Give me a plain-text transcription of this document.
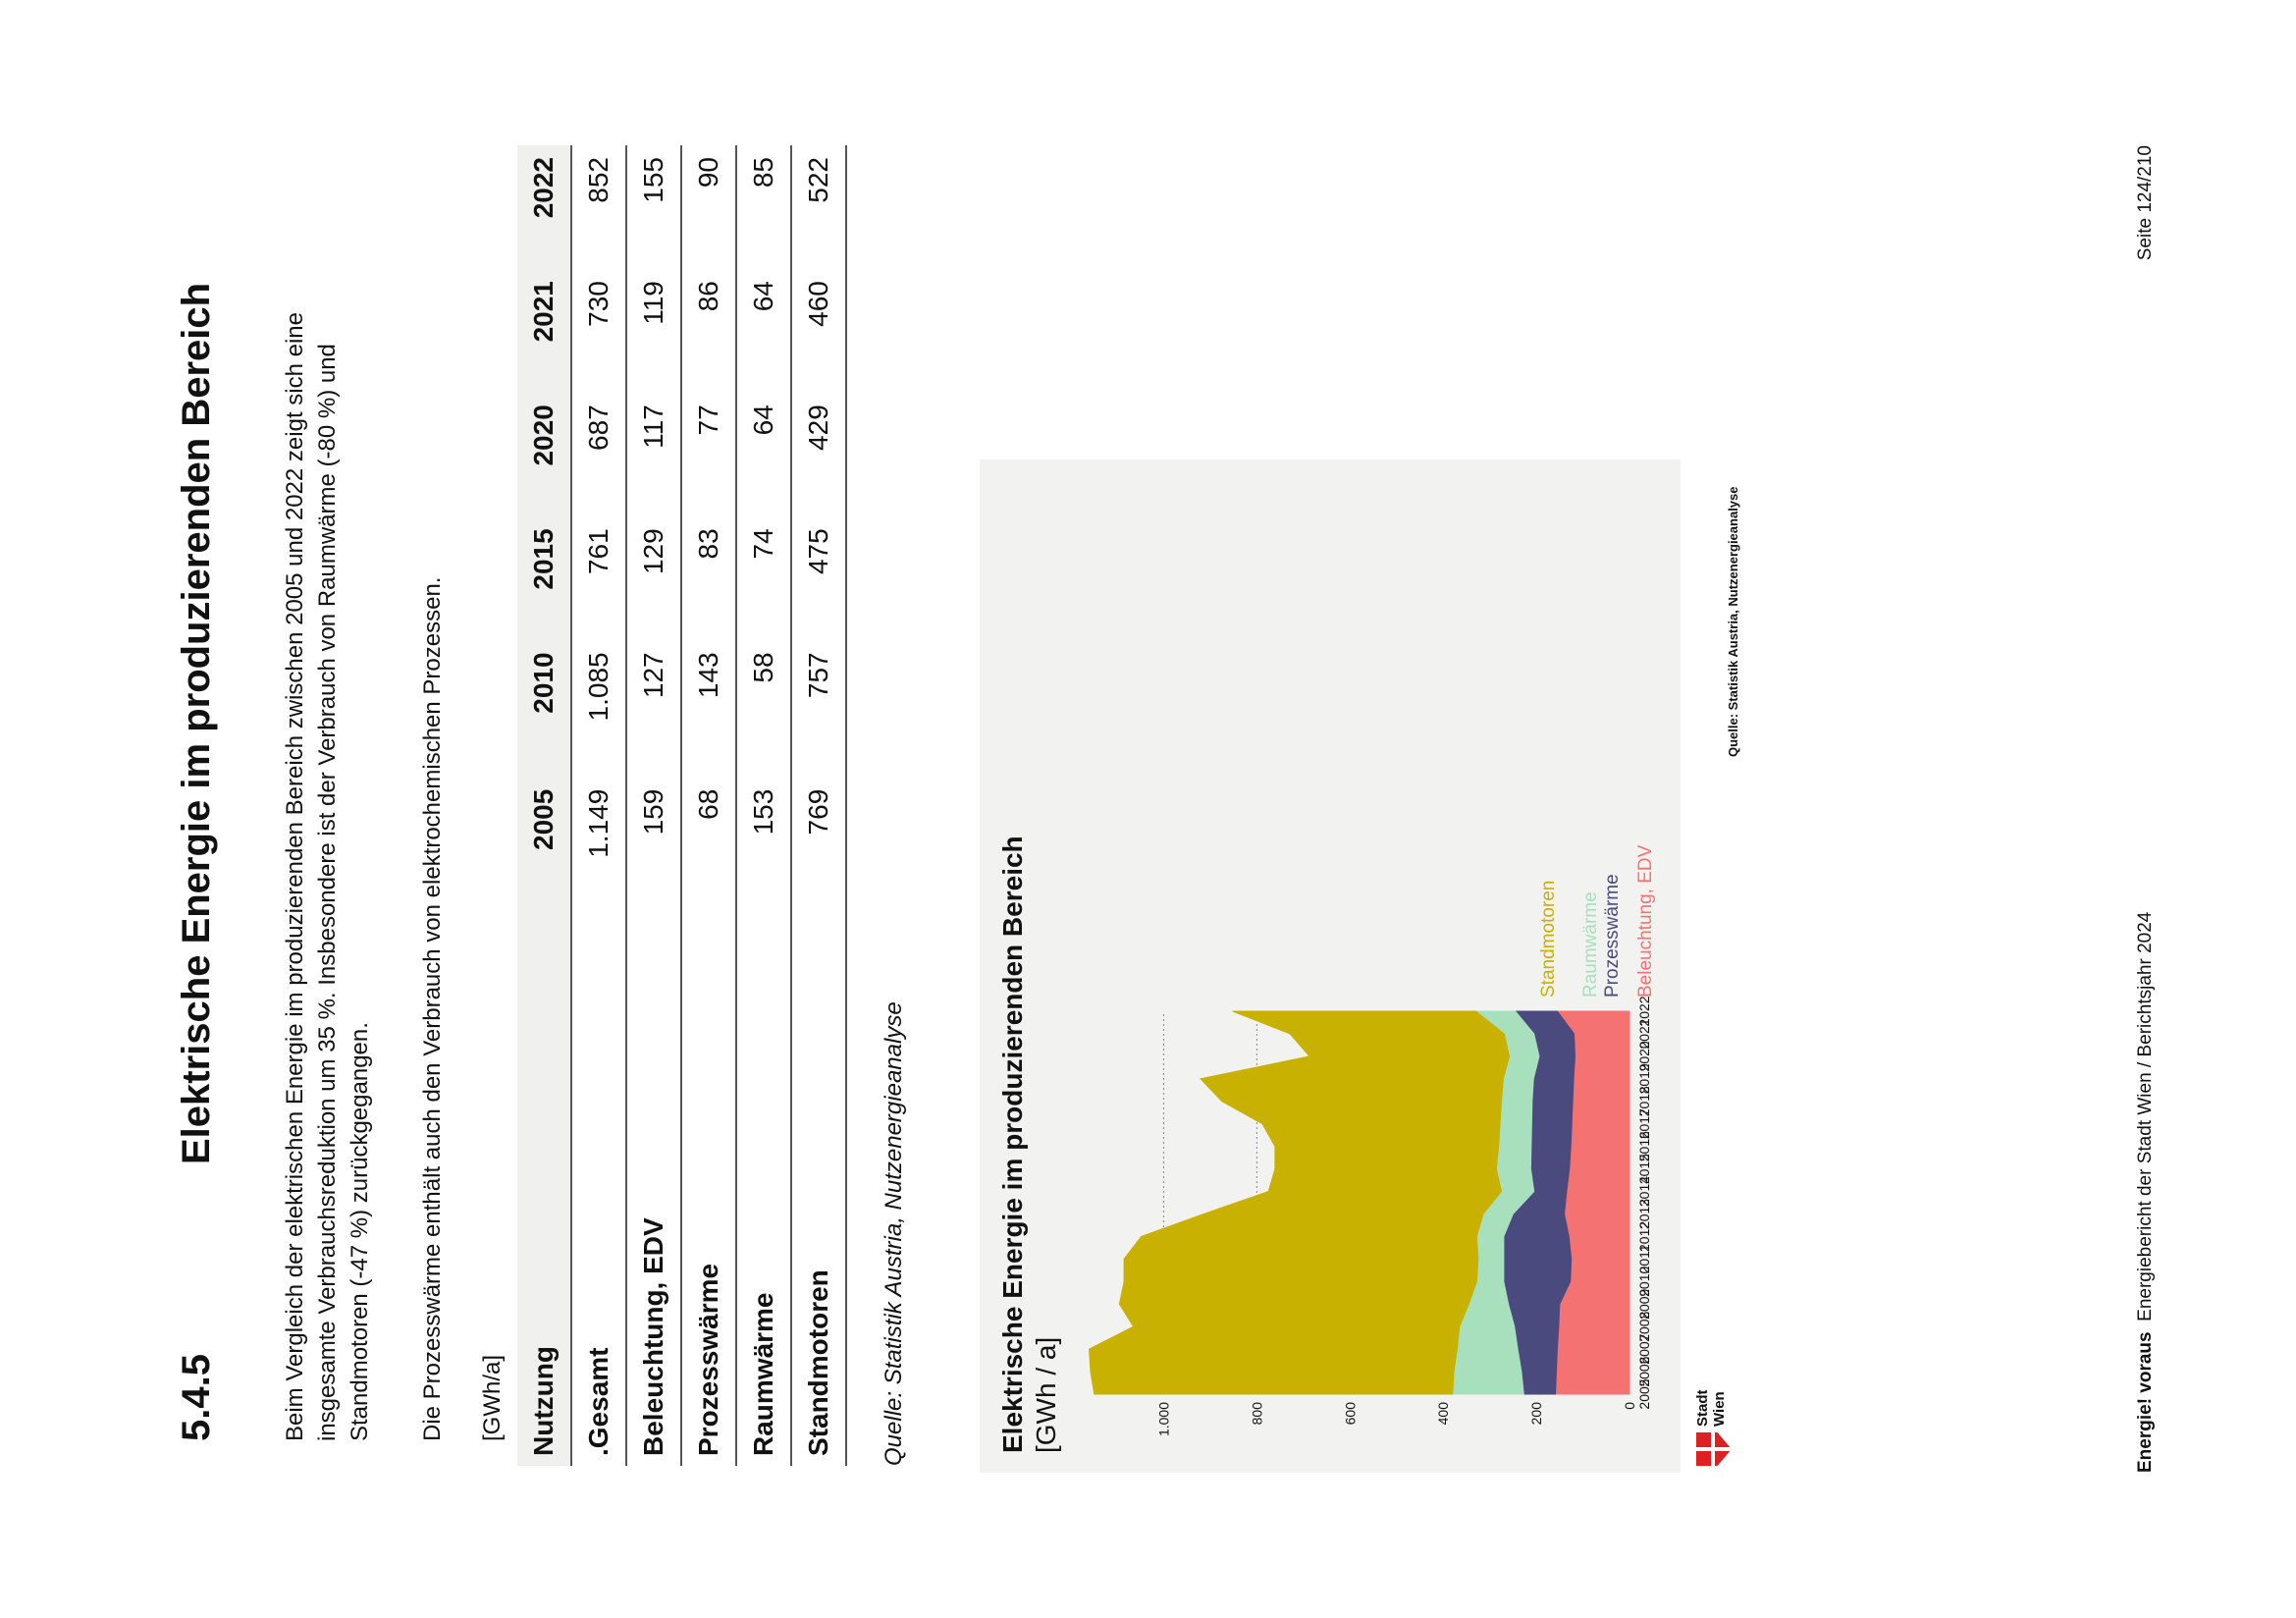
5.4.5Elektrische Energie im produzierenden Bereich	Beim Vergleich der elektrischen Energie im produzierenden Bereich zwischen 2005 und 2022 zeigt sich eine insgesamte Verbrauchsreduktion um 35 %. Insbesondere ist der Verbrauch von Raumwärme (-80 %) und Standmotoren (-47 %) zurückgegangen. Die Prozesswärme enthält auch den Verbrauch von elektrochemischen Prozessen. [GWh/a] Nutzung	2005	2010	2015	2020	2021	2022
.Gesamt	1.149	1.085	761	687	730	852
Beleuchtung, EDV	159	127	129	117	119	155
Prozesswärme	68	143	83	77	86	90
Raumwärme	153	58	74	64	64	85
Standmotoren	769	757	475	429	460	522
Quelle: Statistik Austria, Nutzenergieanalyse	Elektrische Energie im produzierenden Bereich [GWh / a]	0
200
400
600
800
1.000
2005
2006
2007
2008
2009
2010
2011
2012
2013
2014
2015
2016
2017
2018
2019
2020
2021
2022
Beleuchtung, EDV
Prozesswärme
Raumwärme
Standmotoren
Stadt Wien
Quelle: Statistik Austria, Nutzenergieanalyse
Energie! voraus  Energiebericht der Stadt Wien / Berichtsjahr 2024
Seite 124/210
